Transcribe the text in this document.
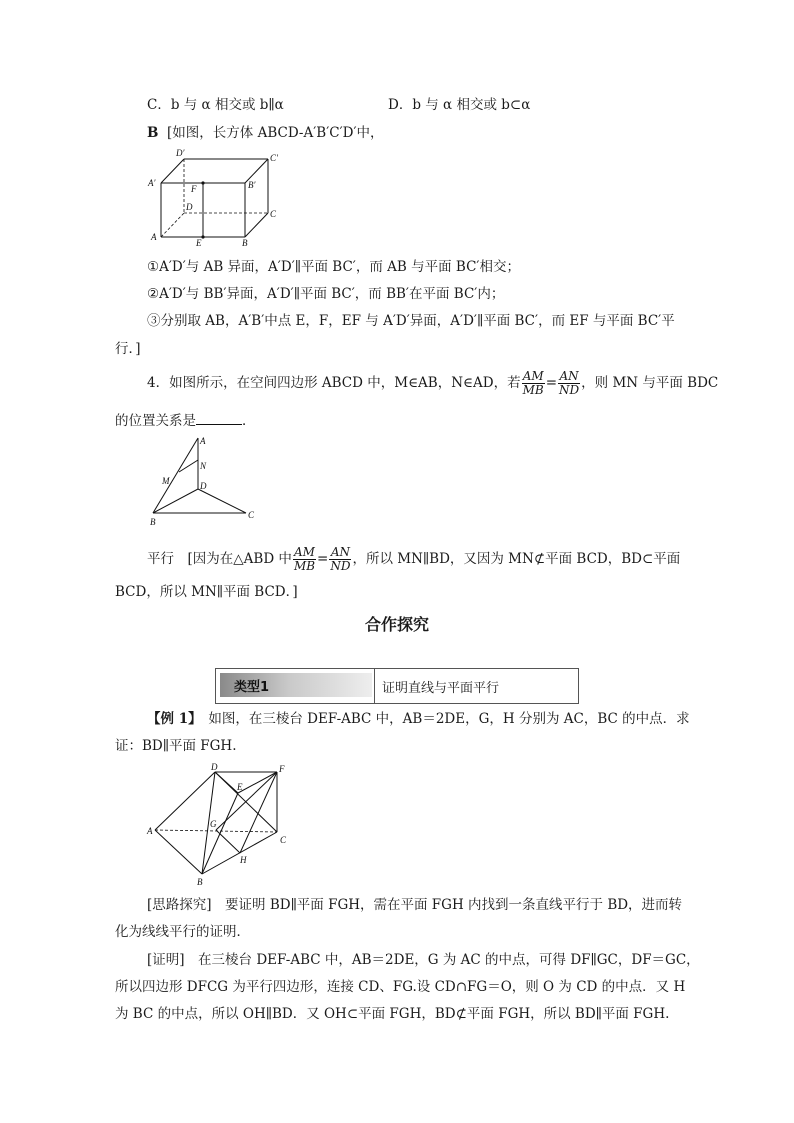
C．b 与 α 相交或 b∥α	D．b 与 α 相交或 b⊂α
B [如图，长方体 ABCD-A′B′C′D′中，
D′	C′
A′	B′
F
D
C
A
E	B
①A′D′与 AB 异面，A′D′∥平面 BC′，而 AB 与平面 BC′相交；
②A′D′与 BB′异面，A′D′∥平面 BC′，而 BB′在平面 BC′内；
③分别取 AB，A′B′中点 E，F，EF 与 A′D′异面，A′D′∥平面 BC′，而 EF 与平面 BC′平
行．]
4．如图所示，在空间四边形 ABCD 中，M∈AB，N∈AD，若 $\frac{AM}{MB} = \frac{AN}{ND}$ ，则 MN 与平面 BDC
的位置关系是	．
A
N
M	D
B
C
平行　[因为在△ABD 中 $\frac{AM}{MB} = \frac{AN}{ND}$ ，所以 MN∥BD，又因为 MN⊄平面 BCD，BD⊂平面
BCD，所以 MN∥平面 BCD．]
合作探究
类型1	证明直线与平面平行
【例 1】　如图，在三棱台 DEF-ABC 中，AB＝2DE，G，H 分别为 AC，BC 的中点．求
证：BD∥平面 FGH.
D	F
E
A
G
C
H
B
[思路探究]　要证明 BD∥平面 FGH，需在平面 FGH 内找到一条直线平行于 BD，进而转
化为线线平行的证明．
[证明]　在三棱台 DEF-ABC 中，AB＝2DE，G 为 AC 的中点，可得 DF∥GC，DF＝GC，
所以四边形 DFCG 为平行四边形，连接 CD、FG.设 CD∩FG＝O，则 O 为 CD 的中点．又 H
为 BC 的中点，所以 OH∥BD．又 OH⊂平面 FGH，BD⊄平面 FGH，所以 BD∥平面 FGH.
